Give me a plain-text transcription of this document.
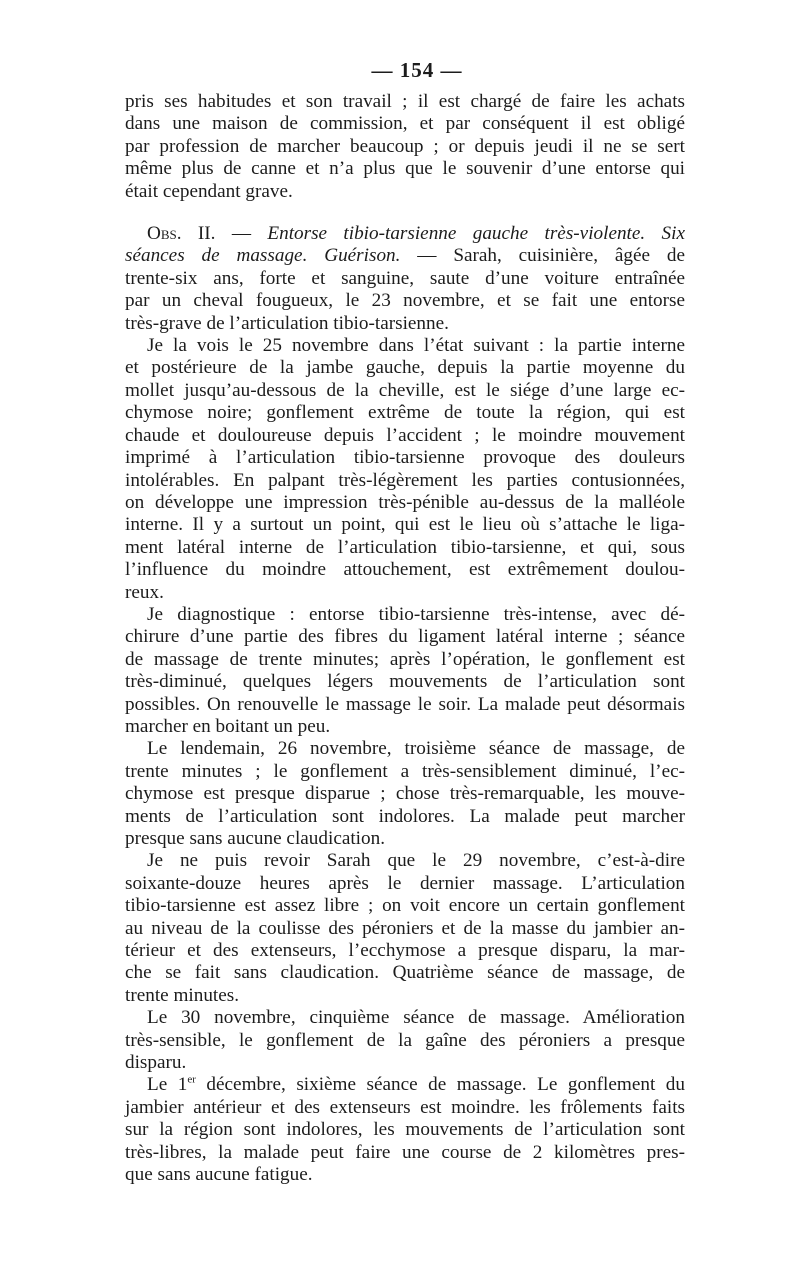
— 154 —
pris ses habitudes et son travail ; il est chargé de faire les achats
dans une maison de commission, et par conséquent il est obligé
par profession de marcher beaucoup ; or depuis jeudi il ne se sert
même plus de canne et n’a plus que le souvenir d’une entorse qui
était cependant grave.
Obs. II. — Entorse tibio-tarsienne gauche très-violente. Six
séances de massage. Guérison. — Sarah, cuisinière, âgée de
trente-six ans, forte et sanguine, saute d’une voiture entraînée
par un cheval fougueux, le 23 novembre, et se fait une entorse
très-grave de l’articulation tibio-tarsienne.
Je la vois le 25 novembre dans l’état suivant : la partie interne
et postérieure de la jambe gauche, depuis la partie moyenne du
mollet jusqu’au-dessous de la cheville, est le siége d’une large ec-
chymose noire; gonflement extrême de toute la région, qui est
chaude et douloureuse depuis l’accident ; le moindre mouvement
imprimé à l’articulation tibio-tarsienne provoque des douleurs
intolérables. En palpant très-légèrement les parties contusionnées,
on développe une impression très-pénible au-dessus de la malléole
interne. Il y a surtout un point, qui est le lieu où s’attache le liga-
ment latéral interne de l’articulation tibio-tarsienne, et qui, sous
l’influence du moindre attouchement, est extrêmement doulou-
reux.
Je diagnostique : entorse tibio-tarsienne très-intense, avec dé-
chirure d’une partie des fibres du ligament latéral interne ; séance
de massage de trente minutes; après l’opération, le gonflement est
très-diminué, quelques légers mouvements de l’articulation sont
possibles. On renouvelle le massage le soir. La malade peut désormais
marcher en boitant un peu.
Le lendemain, 26 novembre, troisième séance de massage, de
trente minutes ; le gonflement a très-sensiblement diminué, l’ec-
chymose est presque disparue ; chose très-remarquable, les mouve-
ments de l’articulation sont indolores. La malade peut marcher
presque sans aucune claudication.
Je ne puis revoir Sarah que le 29 novembre, c’est-à-dire
soixante-douze heures après le dernier massage. L’articulation
tibio-tarsienne est assez libre ; on voit encore un certain gonflement
au niveau de la coulisse des péroniers et de la masse du jambier an-
térieur et des extenseurs, l’ecchymose a presque disparu, la mar-
che se fait sans claudication. Quatrième séance de massage, de
trente minutes.
Le 30 novembre, cinquième séance de massage. Amélioration
très-sensible, le gonflement de la gaîne des péroniers a presque
disparu.
Le 1er décembre, sixième séance de massage. Le gonflement du
jambier antérieur et des extenseurs est moindre. les frôlements faits
sur la région sont indolores, les mouvements de l’articulation sont
très-libres, la malade peut faire une course de 2 kilomètres pres-
que sans aucune fatigue.
